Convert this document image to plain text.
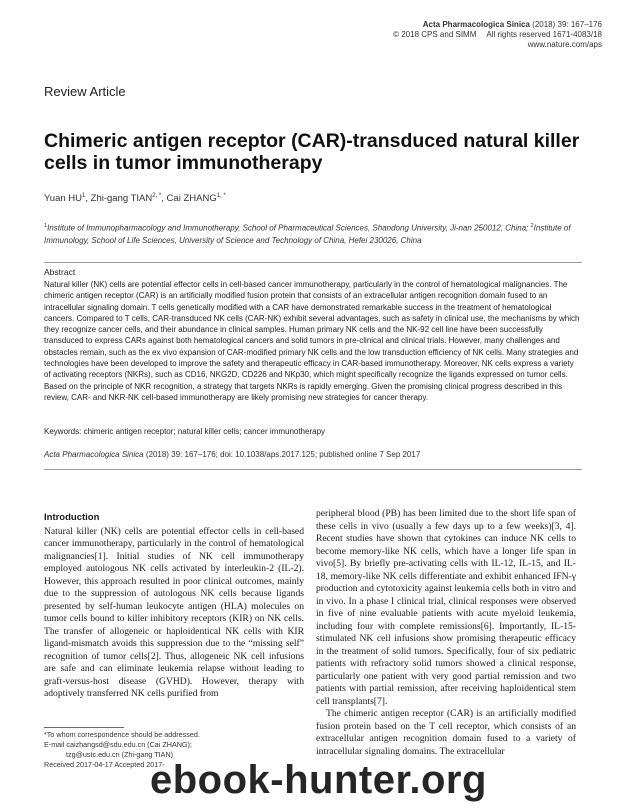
Acta Pharmacologica Sinica (2018) 39: 167–176
© 2018 CPS and SIMM All rights reserved 1671-4083/18
www.nature.com/aps
Review Article
Chimeric antigen receptor (CAR)-transduced natural killer cells in tumor immunotherapy
Yuan $HU^1$, Zhi-gang $TIAN^{2, *}$, Cai $ZHANG^{1, *}$
$^1$Institute of Immunopharmacology and Immunotherapy, School of Pharmaceutical Sciences, Shandong University, Ji-nan 250012, China; $^2$Institute of Immunology, School of Life Sciences, University of Science and Technology of China, Hefei 230026, China
Abstract
Natural killer (NK) cells are potential effector cells in cell-based cancer immunotherapy, particularly in the control of hematological malignancies. The chimeric antigen receptor (CAR) is an artificially modified fusion protein that consists of an extracellular antigen recognition domain fused to an intracellular signaling domain. T cells genetically modified with a CAR have demonstrated remarkable success in the treatment of hematological cancers. Compared to T cells, CAR-transduced NK cells (CAR-NK) exhibit several advantages, such as safety in clinical use, the mechanisms by which they recognize cancer cells, and their abundance in clinical samples. Human primary NK cells and the NK-92 cell line have been successfully transduced to express CARs against both hematological cancers and solid tumors in pre-clinical and clinical trials. However, many challenges and obstacles remain, such as the ex vivo expansion of CAR-modified primary NK cells and the low transduction efficiency of NK cells. Many strategies and technologies have been developed to improve the safety and therapeutic efficacy in CAR-based immunotherapy. Moreover, NK cells express a variety of activating receptors (NKRs), such as CD16, NKG2D, CD226 and NKp30, which might specifically recognize the ligands expressed on tumor cells. Based on the principle of NKR recognition, a strategy that targets NKRs is rapidly emerging. Given the promising clinical progress described in this review, CAR- and NKR-NK cell-based immunotherapy are likely promising new strategies for cancer therapy.
Keywords: chimeric antigen receptor; natural killer cells; cancer immunotherapy
Acta Pharmacologica Sinica (2018) 39: 167–176; doi: 10.1038/aps.2017.125; published online 7 Sep 2017
Introduction

Natural killer (NK) cells are potential effector cells in cell-based cancer immunotherapy, particularly in the control of hematological malignancies[1]. Initial studies of NK cell immunotherapy employed autologous NK cells activated by interleukin-2 (IL-2). However, this approach resulted in poor clinical outcomes, mainly due to the suppression of autologous NK cells because ligands presented by self-human leukocyte antigen (HLA) molecules on tumor cells bound to killer inhibitory receptors (KIR) on NK cells. The transfer of allogeneic or haploidentical NK cells with KIR ligand-mismatch avoids this suppression due to the “missing self” recognition of tumor cells[2]. Thus, allogeneic NK cell infusions are safe and can eliminate leukemia relapse without leading to graft-versus-host disease (GVHD). However, therapy with adoptively transferred NK cells purified from

peripheral blood (PB) has been limited due to the short life span of these cells in vivo (usually a few days up to a few weeks)[3, 4]. Recent studies have shown that cytokines can induce NK cells to become memory-like NK cells, which have a longer life span in vivo[5]. By briefly pre-activating cells with IL-12, IL-15, and IL-18, memory-like NK cells differentiate and exhibit enhanced IFN-γ production and cytotoxicity against leukemia cells both in vitro and in vivo. In a phase I clinical trial, clinical responses were observed in five of nine evaluable patients with acute myeloid leukemia, including four with complete remissions[6]. Importantly, IL-15-stimulated NK cell infusions show promising therapeutic efficacy in the treatment of solid tumors. Specifically, four of six pediatric patients with refractory solid tumors showed a clinical response, particularly one patient with very good partial remission and two patients with partial remission, after receiving haploidentical stem cell transplants[7].

The chimeric antigen receptor (CAR) is an artificially modified fusion protein based on the T cell receptor, which consists of an extracellular antigen recognition domain fused to a variety of intracellular signaling domains. The extracellular

*To whom correspondence should be addressed.
E-mail caizhangsd@sdu.edu.cn (Cai ZHANG);
tzg@ustc.edu.cn (Zhi-gang TIAN)
Received 2017-04-17 Accepted 2017-
ebook-hunter.org
